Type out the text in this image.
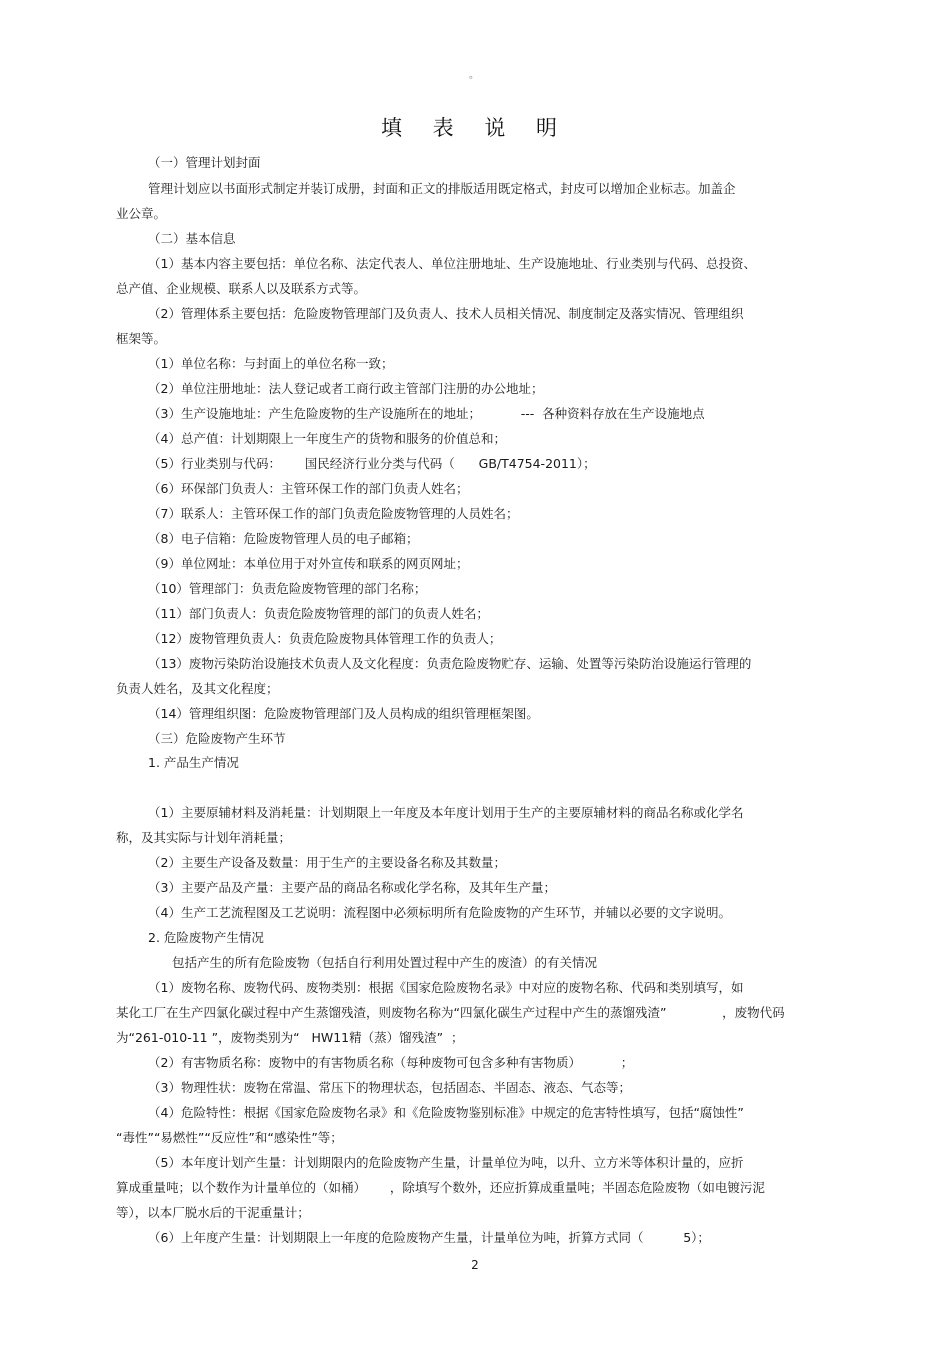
。
填 表 说 明
（一）管理计划封面
管理计划应以书面形式制定并装订成册，封面和正文的排版适用既定格式，封皮可以增加企业标志。加盖企
业公章。
（二）基本信息
（1）基本内容主要包括：单位名称、法定代表人、单位注册地址、生产设施地址、行业类别与代码、总投资、
总产值、企业规模、联系人以及联系方式等。
（2）管理体系主要包括：危险废物管理部门及负责人、技术人员相关情况、制度制定及落实情况、管理组织
框架等。
（1）单位名称：与封面上的单位名称一致；
（2）单位注册地址：法人登记或者工商行政主管部门注册的办公地址；
（3）生产设施地址：产生危险废物的生产设施所在的地址；          ---  各种资料存放在生产设施地点
（4）总产值：计划期限上一年度生产的货物和服务的价值总和；
（5）行业类别与代码：      国民经济行业分类与代码（      GB/T4754-2011）；
（6）环保部门负责人：主管环保工作的部门负责人姓名；
（7）联系人：主管环保工作的部门负责危险废物管理的人员姓名；
（8）电子信箱：危险废物管理人员的电子邮箱；
（9）单位网址：本单位用于对外宣传和联系的网页网址；
（10）管理部门：负责危险废物管理的部门名称；
（11）部门负责人：负责危险废物管理的部门的负责人姓名；
（12）废物管理负责人：负责危险废物具体管理工作的负责人；
（13）废物污染防治设施技术负责人及文化程度：负责危险废物贮存、运输、处置等污染防治设施运行管理的
负责人姓名，及其文化程度；
（14）管理组织图：危险废物管理部门及人员构成的组织管理框架图。
（三）危险废物产生环节
1. 产品生产情况
（1）主要原辅材料及消耗量：计划期限上一年度及本年度计划用于生产的主要原辅材料的商品名称或化学名
称，及其实际与计划年消耗量；
（2）主要生产设备及数量：用于生产的主要设备名称及其数量；
（3）主要产品及产量：主要产品的商品名称或化学名称，及其年生产量；
（4）生产工艺流程图及工艺说明：流程图中必须标明所有危险废物的产生环节，并辅以必要的文字说明。
2. 危险废物产生情况
包括产生的所有危险废物（包括自行利用处置过程中产生的废渣）的有关情况
（1）废物名称、废物代码、废物类别：根据《国家危险废物名录》中对应的废物名称、代码和类别填写，如
某化工厂在生产四氯化碳过程中产生蒸馏残渣，则废物名称为“四氯化碳生产过程中产生的蒸馏残渣”              ，废物代码
为“261-010-11 ”，废物类别为“   HW11精（蒸）馏残渣”  ；
（2）有害物质名称：废物中的有害物质名称（每种废物可包含多种有害物质）          ；
（3）物理性状：废物在常温、常压下的物理状态，包括固态、半固态、液态、气态等；
（4）危险特性：根据《国家危险废物名录》和《危险废物鉴别标准》中规定的危害特性填写，包括“腐蚀性”
“毒性”“易燃性”“反应性”和“感染性”等；
（5）本年度计划产生量：计划期限内的危险废物产生量，计量单位为吨，以升、立方米等体积计量的，应折
算成重量吨；以个数作为计量单位的（如桶）      ，除填写个数外，还应折算成重量吨；半固态危险废物（如电镀污泥
等），以本厂脱水后的干泥重量计；
（6）上年度产生量：计划期限上一年度的危险废物产生量，计量单位为吨，折算方式同（          5）；
2
